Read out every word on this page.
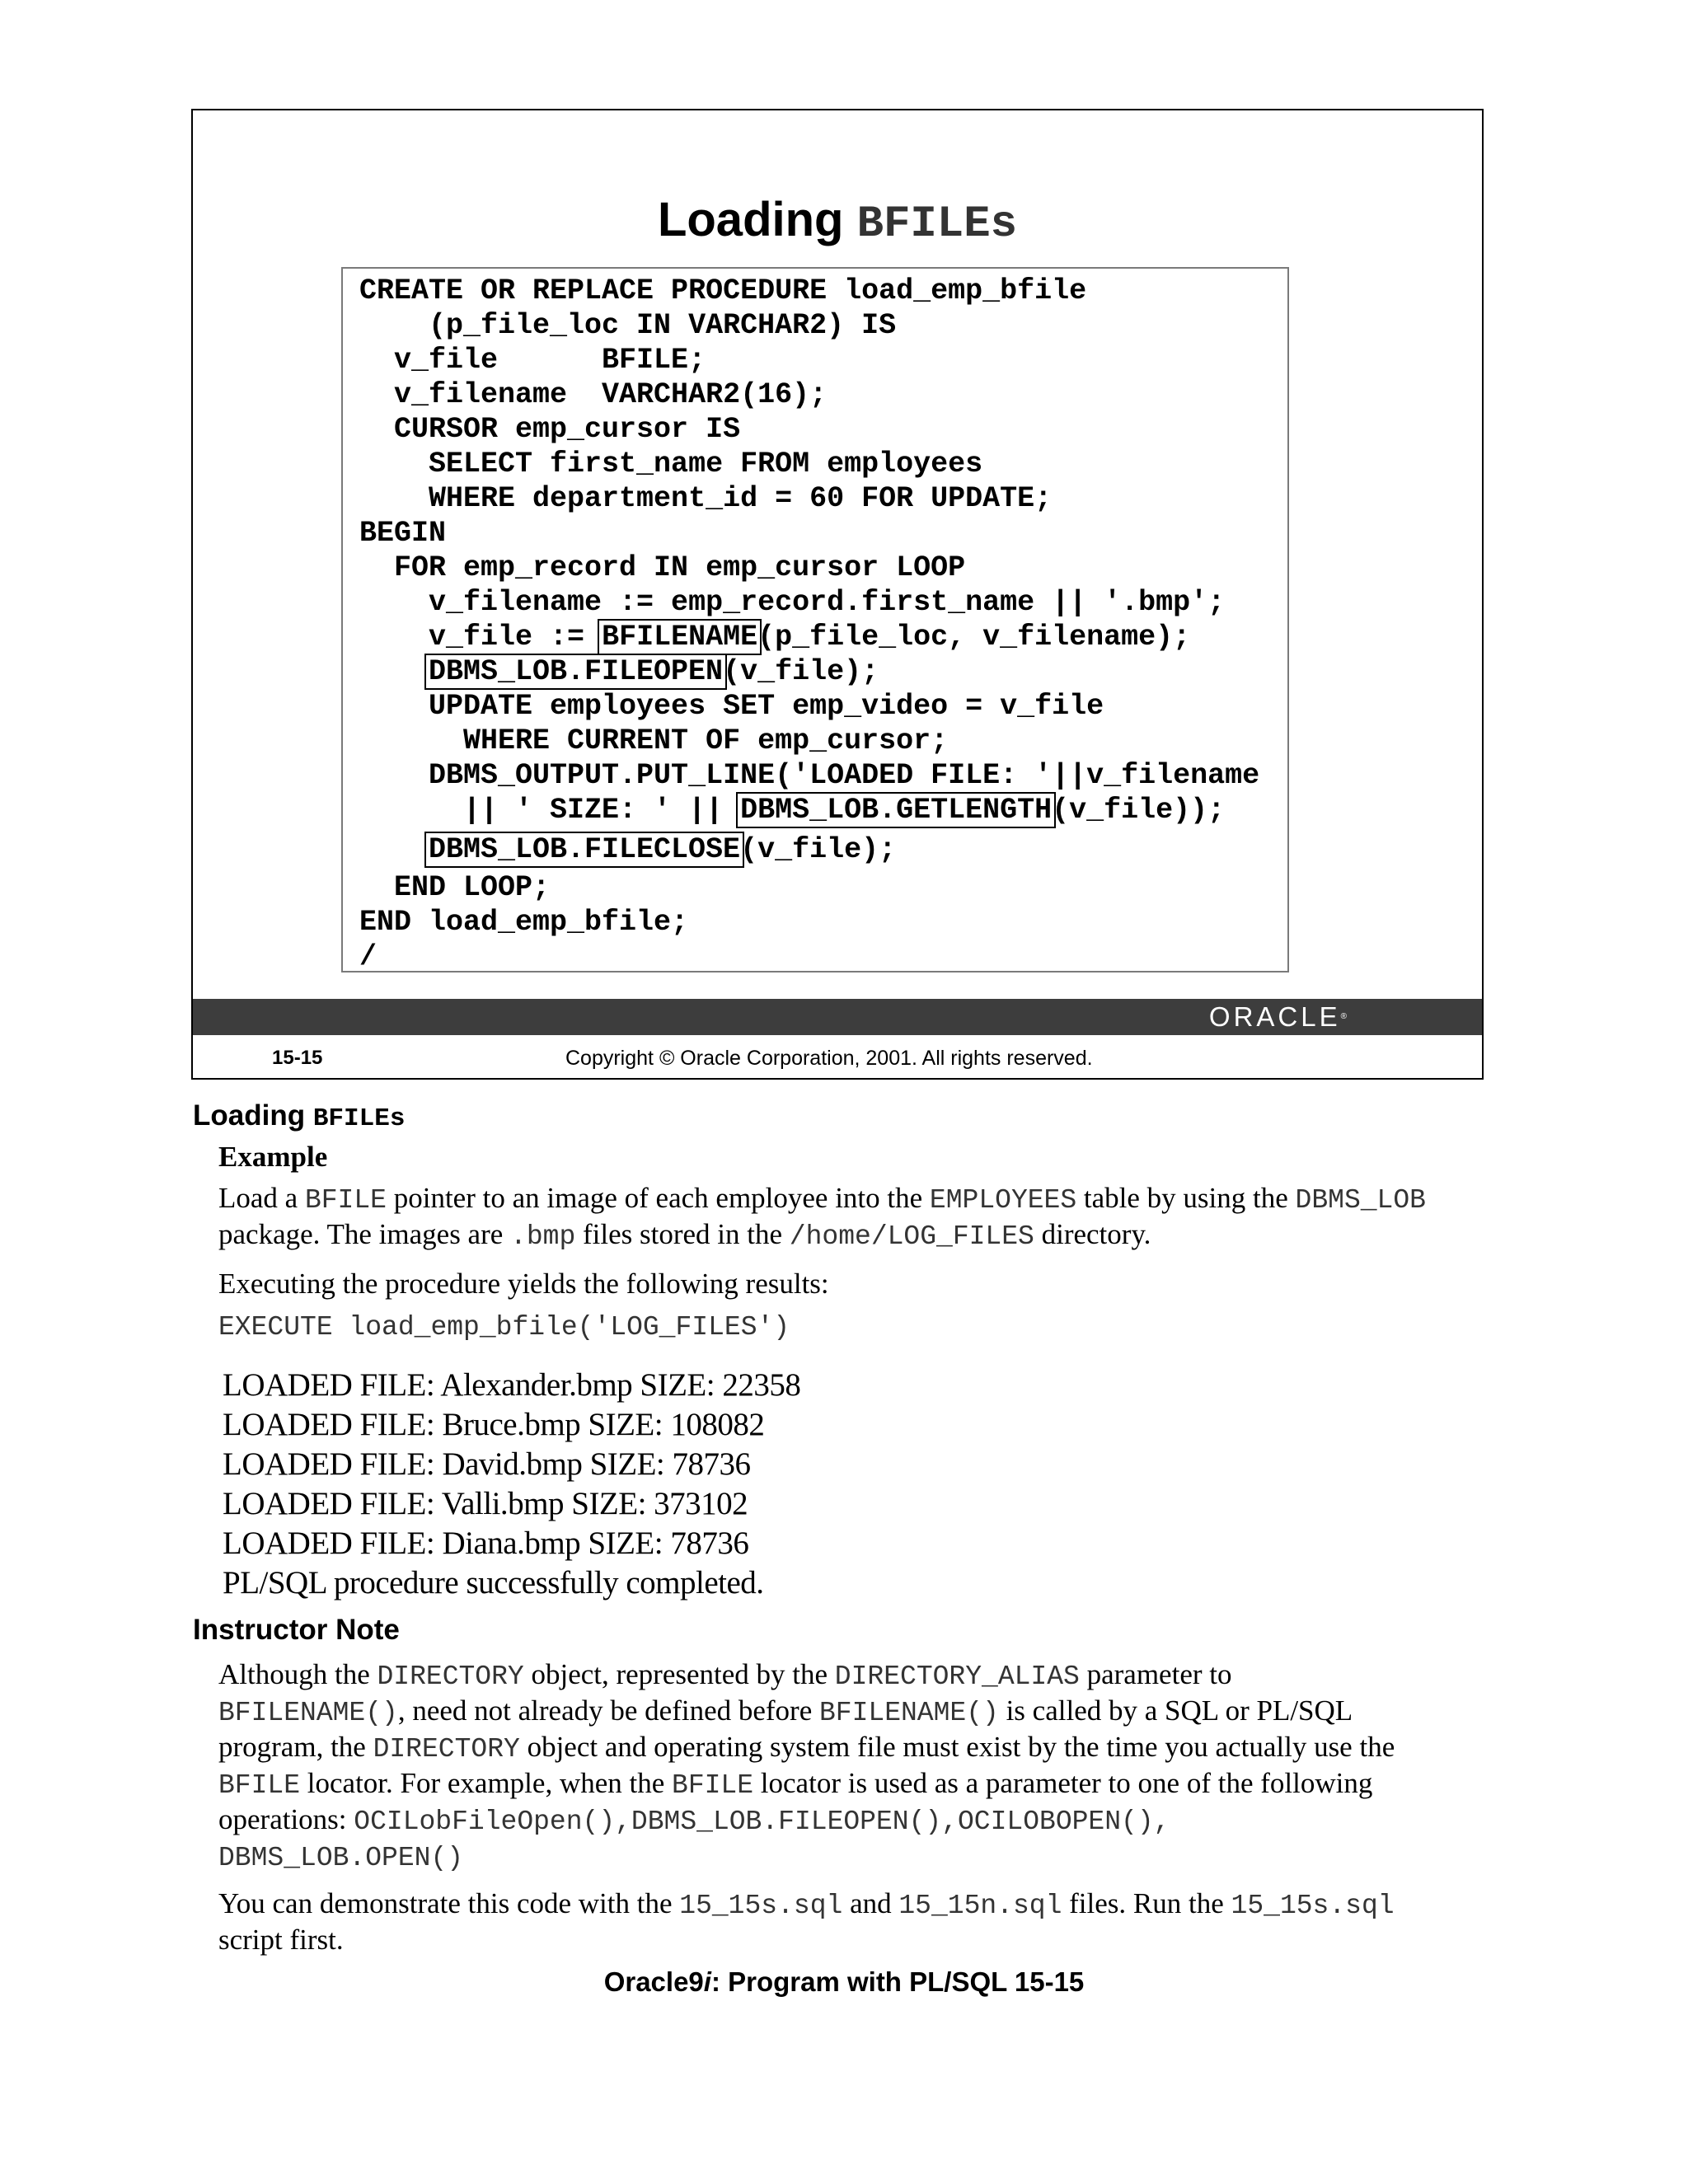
Loading BFILEs
CREATE OR REPLACE PROCEDURE load_emp_bfile
(p_file_loc IN VARCHAR2) IS
v_file      BFILE;
v_filename  VARCHAR2(16);
CURSOR emp_cursor IS
SELECT first_name FROM employees
WHERE department_id = 60 FOR UPDATE;
BEGIN
FOR emp_record IN emp_cursor LOOP
v_filename := emp_record.first_name || '.bmp';
v_file := BFILENAME(p_file_loc, v_filename);
DBMS_LOB.FILEOPEN(v_file);
UPDATE employees SET emp_video = v_file
WHERE CURRENT OF emp_cursor;
DBMS_OUTPUT.PUT_LINE('LOADED FILE: '||v_filename
|| ' SIZE: ' || DBMS_LOB.GETLENGTH(v_file));
DBMS_LOB.FILECLOSE(v_file);
END LOOP;
END load_emp_bfile;
/
ORACLE®
15-15	Copyright © Oracle Corporation, 2001. All rights reserved.
Loading BFILEs
Example
Load a BFILE pointer to an image of each employee into the EMPLOYEES table by using the DBMS_LOB
package. The images are .bmp files stored in the /home/LOG_FILES directory.
Executing the procedure yields the following results:
EXECUTE load_emp_bfile('LOG_FILES')
LOADED FILE: Alexander.bmp SIZE: 22358
LOADED FILE: Bruce.bmp SIZE: 108082
LOADED FILE: David.bmp SIZE: 78736
LOADED FILE: Valli.bmp SIZE: 373102
LOADED FILE: Diana.bmp SIZE: 78736
PL/SQL procedure successfully completed.
Instructor Note
Although the DIRECTORY object, represented by the DIRECTORY_ALIAS parameter to
BFILENAME(), need not already be defined before BFILENAME() is called by a SQL or PL/SQL
program, the DIRECTORY object and operating system file must exist by the time you actually use the
BFILE locator. For example, when the BFILE locator is used as a parameter to one of the following
operations: OCILobFileOpen(),DBMS_LOB.FILEOPEN(),OCILOBOPEN(),
DBMS_LOB.OPEN()
You can demonstrate this code with the 15_15s.sql and 15_15n.sql files. Run the 15_15s.sql
script first.
Oracle9i: Program with PL/SQL 15-15
